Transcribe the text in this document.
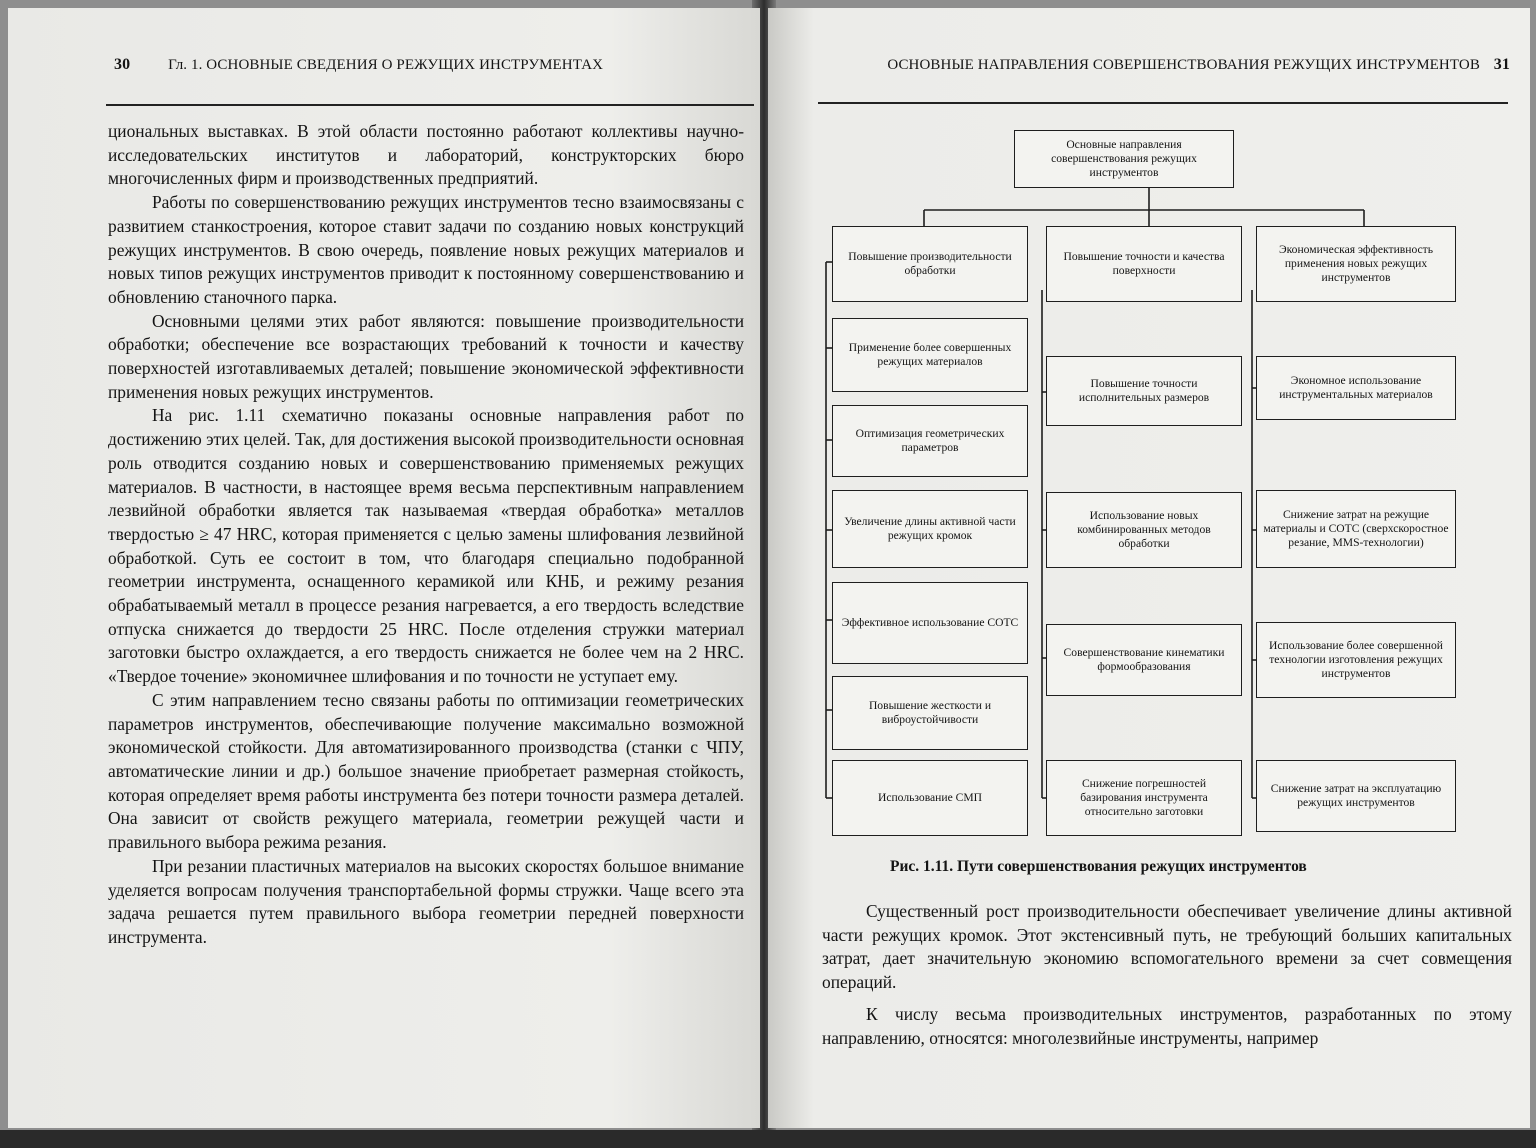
30	Гл. 1. ОСНОВНЫЕ СВЕДЕНИЯ О РЕЖУЩИХ ИНСТРУМЕНТАХ

циональных выставках. В этой области постоянно работают коллективы научно-исследовательских институтов и лабораторий, конструкторских бюро многочисленных фирм и производственных предприятий.

Работы по совершенствованию режущих инструментов тесно взаимосвязаны с развитием станкостроения, которое ставит задачи по созданию новых конструкций режущих инструментов. В свою очередь, появление новых режущих материалов и новых типов режущих инструментов приводит к постоянному совершенствованию и обновлению станочного парка.

Основными целями этих работ являются: повышение производительности обработки; обеспечение все возрастающих требований к точности и качеству поверхностей изготавливаемых деталей; повышение экономической эффективности применения новых режущих инструментов.

На рис. 1.11 схематично показаны основные направления работ по достижению этих целей. Так, для достижения высокой производительности основная роль отводится созданию новых и совершенствованию применяемых режущих материалов. В частности, в настоящее время весьма перспективным направлением лезвийной обработки является так называемая «твердая обработка» металлов твердостью ≥ 47 HRC, которая применяется с целью замены шлифования лезвийной обработкой. Суть ее состоит в том, что благодаря специально подобранной геометрии инструмента, оснащенного керамикой или КНБ, и режиму резания обрабатываемый металл в процессе резания нагревается, а его твердость вследствие отпуска снижается до твердости 25 HRC. После отделения стружки материал заготовки быстро охлаждается, а его твердость снижается не более чем на 2 HRC. «Твердое точение» экономичнее шлифования и по точности не уступает ему.

С этим направлением тесно связаны работы по оптимизации геометрических параметров инструментов, обеспечивающие получение максимально возможной экономической стойкости. Для автоматизированного производства (станки с ЧПУ, автоматические линии и др.) большое значение приобретает размерная стойкость, которая определяет время работы инструмента без потери точности размера деталей. Она зависит от свойств режущего материала, геометрии режущей части и правильного выбора режима резания.

При резании пластичных материалов на высоких скоростях большое внимание уделяется вопросам получения транспортабельной формы стружки. Чаще всего эта задача решается путем правильного выбора геометрии передней поверхности инструмента.

ОСНОВНЫЕ НАПРАВЛЕНИЯ СОВЕРШЕНСТВОВАНИЯ РЕЖУЩИХ ИНСТРУМЕНТОВ 31
Основные направления совершенствования режущих инструментов
Повышение производительности обработки
Повышение точности и качества поверхности
Экономическая эффективность применения новых режущих инструментов
Применение более совершенных режущих материалов
Оптимизация геометрических параметров
Увеличение длины активной части режущих кромок
Эффективное использование СОТС
Повышение жесткости и виброустойчивости
Использование СМП
Повышение точности исполнительных размеров
Использование новых комбинированных методов обработки
Совершенствование кинематики формообразования
Снижение погрешностей базирования инструмента относительно заготовки
Экономное использование инструментальных материалов
Снижение затрат на режущие материалы и СОТС (сверхскоростное резание, MMS-технологии)
Использование более совершенной технологии изготовления режущих инструментов
Снижение затрат на эксплуатацию режущих инструментов
Рис. 1.11. Пути совершенствования режущих инструментов

Существенный рост производительности обеспечивает увеличение длины активной части режущих кромок. Этот экстенсивный путь, не требующий больших капитальных затрат, дает значительную экономию вспомогательного времени за счет совмещения операций.

К числу весьма производительных инструментов, разработанных по этому направлению, относятся: многолезвийные инструменты, например
